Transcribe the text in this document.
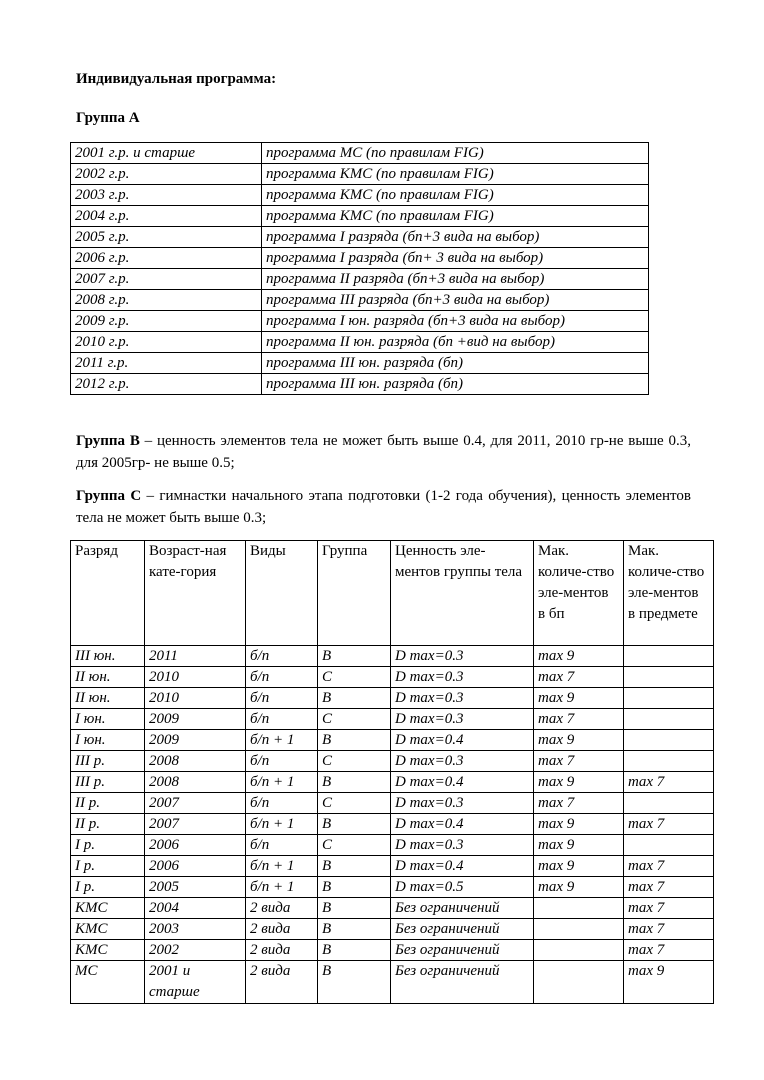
Индивидуальная программа:
Группа А
2001 г.р. и старше	программа МС (по правилам FIG)
2002 г.р.	программа КМС (по правилам FIG)
2003 г.р.	программа КМС (по правилам FIG)
2004 г.р.	программа КМС (по правилам FIG)
2005 г.р.	программа I разряда (бп+3 вида на выбор)
2006 г.р.	программа I разряда (бп+ 3 вида на выбор)
2007 г.р.	программа II разряда (бп+3 вида на выбор)
2008 г.р.	программа III разряда (бп+3 вида на выбор)
2009 г.р.	программа I юн. разряда (бп+3 вида на выбор)
2010 г.р.	программа II юн. разряда (бп +вид на выбор)
2011 г.р.	программа III юн. разряда (бп)
2012 г.р.	программа III юн. разряда (бп)
Группа В – ценность элементов тела не может быть выше 0.4, для 2011, 2010 гр-не выше 0.3, для 2005гр- не выше 0.5;
Группа С – гимнастки начального этапа подготовки (1-2 года обучения), ценность элементов тела не может быть выше 0.3;
Разряд	Возраст-ная кате-гория	Виды	Группа	Ценность эле-ментов группы тела	Мак. количе-ство эле-ментов в бп	Мак. количе-ство эле-ментов в предмете

III юн.	2011	б/п	В	D max=0.3	max 9	
II юн.	2010	б/п	С	D max=0.3	max 7	
II юн.	2010	б/п	В	D max=0.3	max 9	
I юн.	2009	б/п	С	D max=0.3	max 7	
I юн.	2009	б/п + 1	В	D max=0.4	max 9	
III р.	2008	б/п	С	D max=0.3	max 7	
III р.	2008	б/п + 1	В	D max=0.4	max 9	max 7
II р.	2007	б/п	С	D max=0.3	max 7	
II р.	2007	б/п + 1	В	D max=0.4	max 9	max 7
I р.	2006	б/п	С	D max=0.3	max 9	
I р.	2006	б/п + 1	В	D max=0.4	max 9	max 7
I р.	2005	б/п + 1	В	D max=0.5	max 9	max 7
КМС	2004	2 вида	В	Без ограничений		max 7
КМС	2003	2 вида	В	Без ограничений		max 7
КМС	2002	2 вида	В	Без ограничений		max 7
МС	2001 и старше	2 вида	В	Без ограничений		max 9
